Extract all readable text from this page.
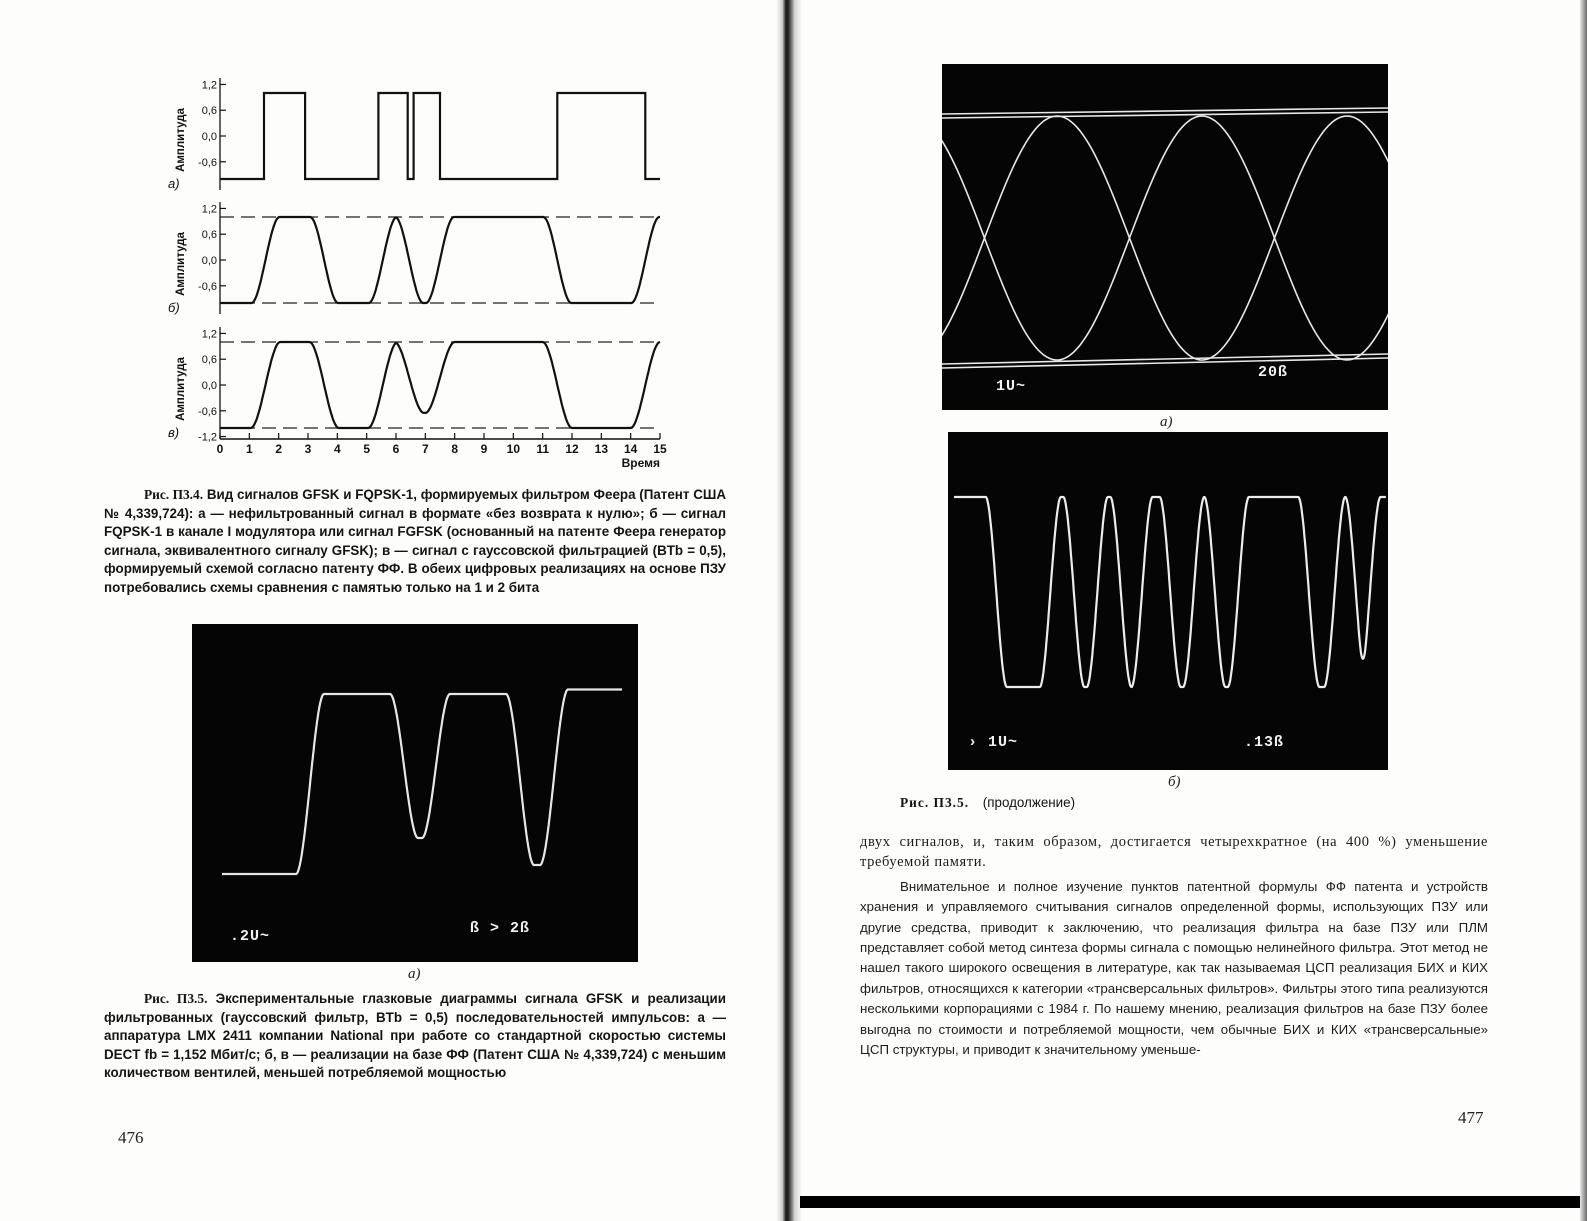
1,2
0,6
0,0
-0,6
Амплитуда
а)
1,2
0,6
0,0
-0,6
Амплитуда
б)
1,2
0,6
0,0
-0,6
-1,2
Амплитуда
в)
0 1 2 3 4 5 6 7 8 9 10 11 12 13 14 15
Время
Рис. П3.4. Вид сигналов GFSK и FQPSK-1, формируемых фильтром Феера (Патент США № 4,339,724): а — нефильтрованный сигнал в формате «без возврата к нулю»; б — сигнал FQPSK-1 в канале I модулятора или сигнал FGFSK (основанный на патенте Феера генератор сигнала, эквивалентного сигналу GFSK); в — сигнал с гауссовской фильтрацией (BTb = 0,5), формируемый схемой согласно патенту ФФ. В обеих цифровых реализациях на основе ПЗУ потребовались схемы сравнения с памятью только на 1 и 2 бита
.2U~	ß > 2ß
а)
Рис. П3.5. Экспериментальные глазковые диаграммы сигнала GFSK и реализации фильтрованных (гауссовский фильтр, BTb = 0,5) последовательностей импульсов: а — аппаратура LMX 2411 компании National при работе со стандартной скоростью системы DECT fb = 1,152 Мбит/с; б, в — реализации на базе ФФ (Патент США № 4,339,724) с меньшим количеством вентилей, меньшей потребляемой мощностью
476
1U~
20ß
а)
› 1U~	.13ß
б)
Рис. П3.5. (продолжение)

двух сигналов, и, таким образом, достигается четырехкратное (на 400 %) уменьшение требуемой памяти.

Внимательное и полное изучение пунктов патентной формулы ФФ патента и устройств хранения и управляемого считывания сигналов определенной формы, использующих ПЗУ или другие средства, приводит к заключению, что реализация фильтра на базе ПЗУ или ПЛМ представляет собой метод синтеза формы сигнала с помощью нелинейного фильтра. Этот метод не нашел такого широкого освещения в литературе, как так называемая ЦСП реализация БИХ и КИХ фильтров, относящихся к категории «трансверсальных фильтров». Фильтры этого типа реализуются несколькими корпорациями с 1984 г. По нашему мнению, реализация фильтров на базе ПЗУ более выгодна по стоимости и потребляемой мощности, чем обычные БИХ и КИХ «трансверсальные» ЦСП структуры, и приводит к значительному уменьше-

477
